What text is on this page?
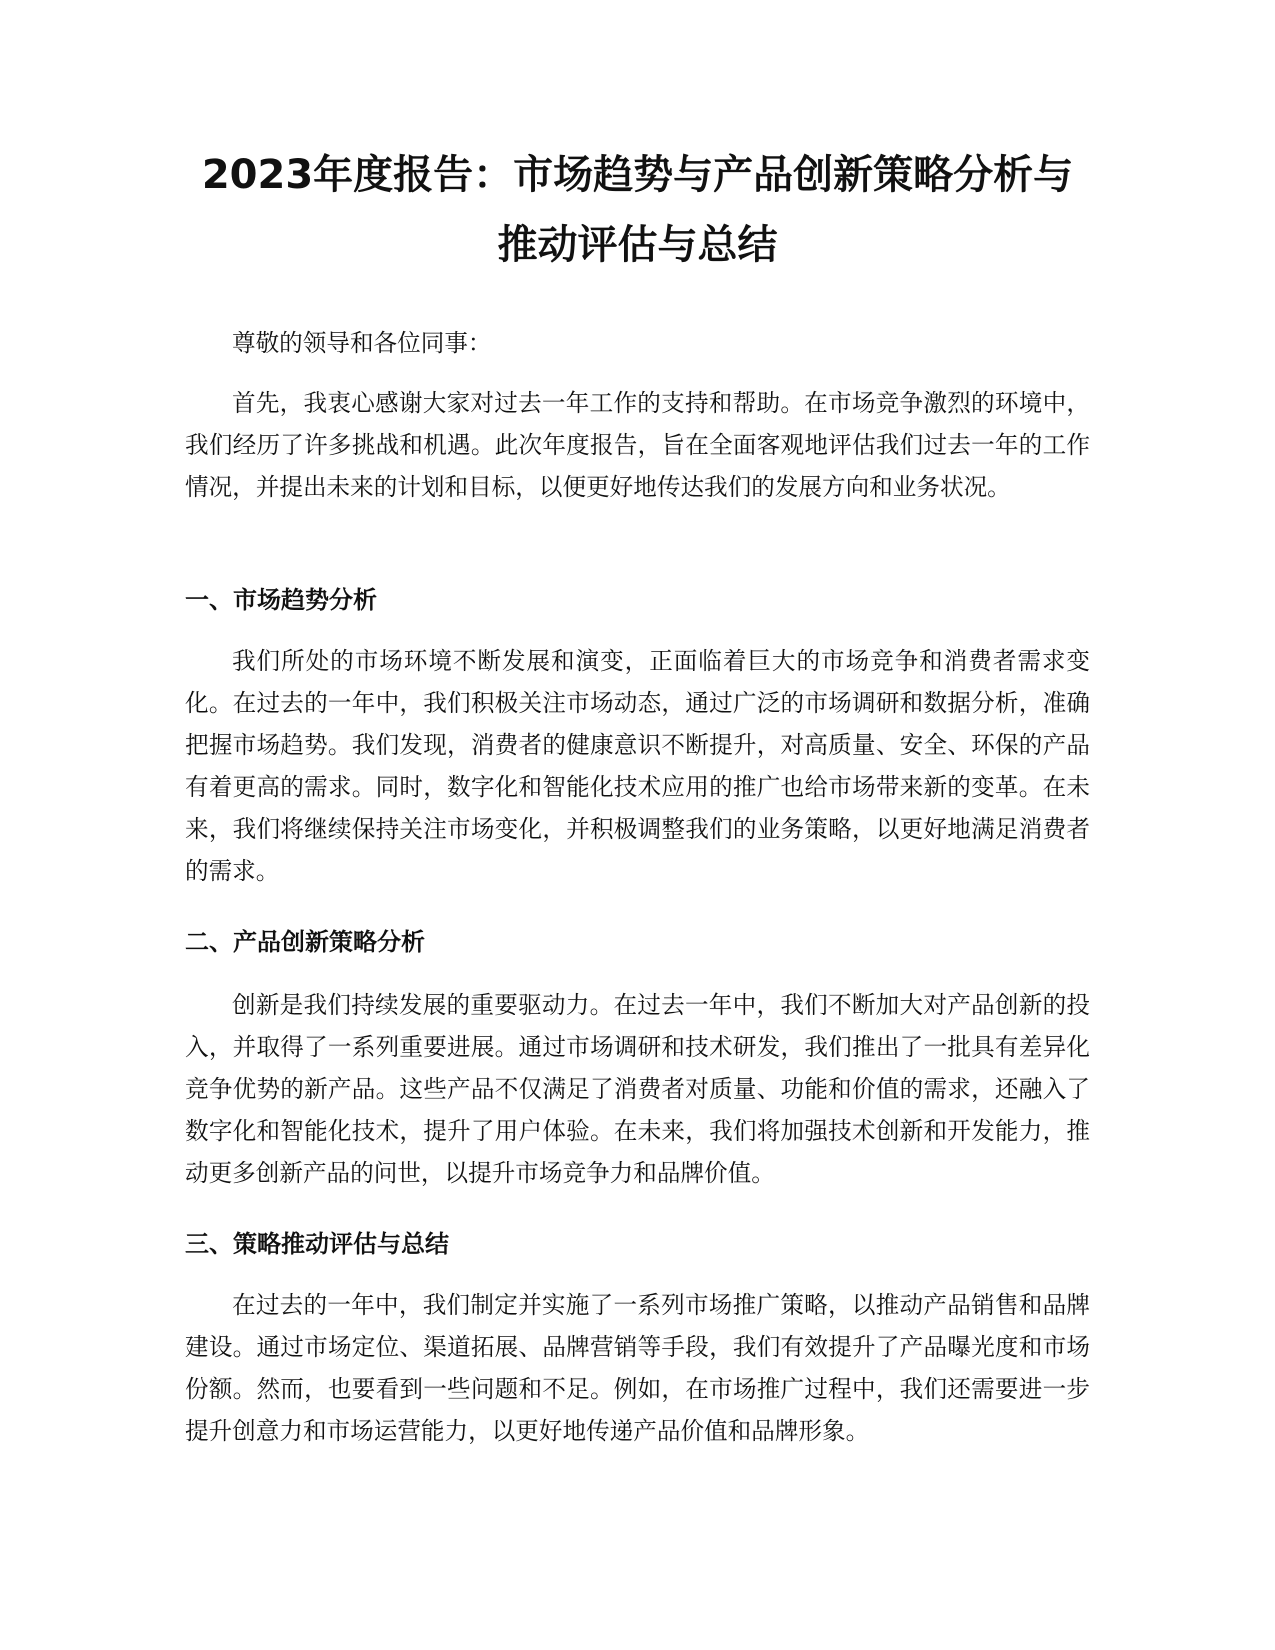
2023年度报告：市场趋势与产品创新策略分析与推动评估与总结

尊敬的领导和各位同事：

首先，我衷心感谢大家对过去一年工作的支持和帮助。在市场竞争激烈的环境中，我们经历了许多挑战和机遇。此次年度报告，旨在全面客观地评估我们过去一年的工作情况，并提出未来的计划和目标，以便更好地传达我们的发展方向和业务状况。

一、市场趋势分析

我们所处的市场环境不断发展和演变，正面临着巨大的市场竞争和消费者需求变化。在过去的一年中，我们积极关注市场动态，通过广泛的市场调研和数据分析，准确把握市场趋势。我们发现，消费者的健康意识不断提升，对高质量、安全、环保的产品有着更高的需求。同时，数字化和智能化技术应用的推广也给市场带来新的变革。在未来，我们将继续保持关注市场变化，并积极调整我们的业务策略，以更好地满足消费者的需求。

二、产品创新策略分析

创新是我们持续发展的重要驱动力。在过去一年中，我们不断加大对产品创新的投入，并取得了一系列重要进展。通过市场调研和技术研发，我们推出了一批具有差异化竞争优势的新产品。这些产品不仅满足了消费者对质量、功能和价值的需求，还融入了数字化和智能化技术，提升了用户体验。在未来，我们将加强技术创新和开发能力，推动更多创新产品的问世，以提升市场竞争力和品牌价值。

三、策略推动评估与总结

在过去的一年中，我们制定并实施了一系列市场推广策略，以推动产品销售和品牌建设。通过市场定位、渠道拓展、品牌营销等手段，我们有效提升了产品曝光度和市场份额。然而，也要看到一些问题和不足。例如，在市场推广过程中，我们还需要进一步提升创意力和市场运营能力，以更好地传递产品价值和品牌形象。
